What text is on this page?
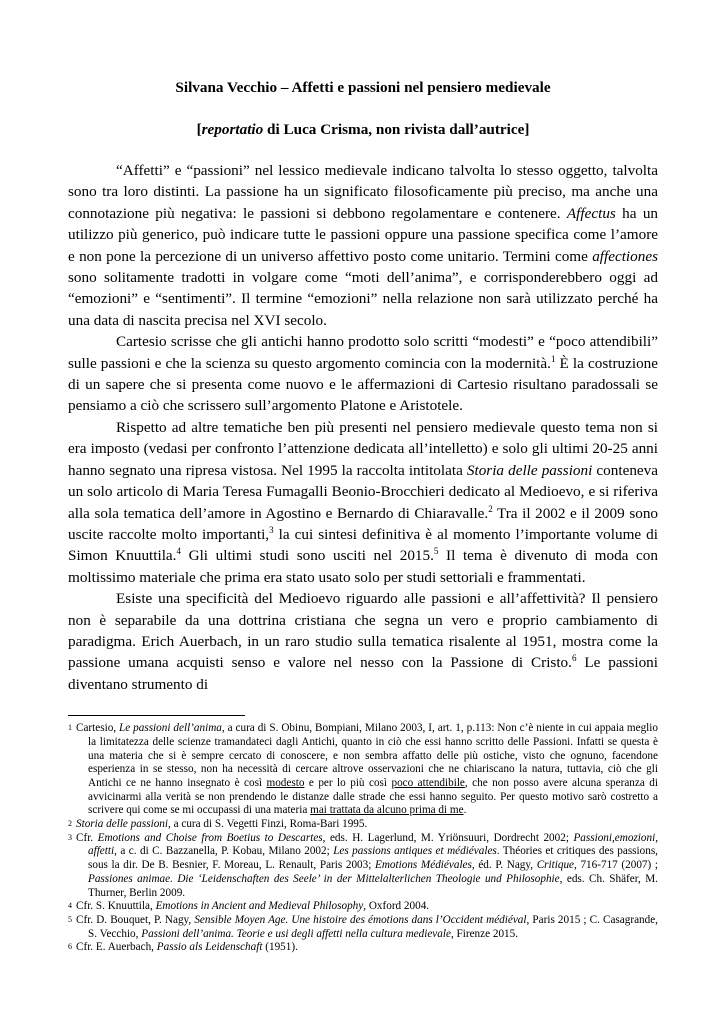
Silvana Vecchio – Affetti e passioni nel pensiero medievale

[reportatio di Luca Crisma, non rivista dall’autrice]

“Affetti” e “passioni” nel lessico medievale indicano talvolta lo stesso oggetto, talvolta sono tra loro distinti. La passione ha un significato filosoficamente più preciso, ma anche una connotazione più negativa: le passioni si debbono regolamentare e contenere. Affectus ha un utilizzo più generico, può indicare tutte le passioni oppure una passione specifica come l’amore e non pone la percezione di un universo affettivo posto come unitario. Termini come affectiones sono solitamente tradotti in volgare come “moti dell’anima”, e corrisponderebbero oggi ad “emozioni” e “sentimenti”. Il termine “emozioni” nella relazione non sarà utilizzato perché ha una data di nascita precisa nel XVI secolo.

Cartesio scrisse che gli antichi hanno prodotto solo scritti “modesti” e “poco attendibili” sulle passioni e che la scienza su questo argomento comincia con la modernità.$^1$ È la costruzione di un sapere che si presenta come nuovo e le affermazioni di Cartesio risultano paradossali se pensiamo a ciò che scrissero sull’argomento Platone e Aristotele.

Rispetto ad altre tematiche ben più presenti nel pensiero medievale questo tema non si era imposto (vedasi per confronto l’attenzione dedicata all’intelletto) e solo gli ultimi 20-25 anni hanno segnato una ripresa vistosa. Nel 1995 la raccolta intitolata Storia delle passioni conteneva un solo articolo di Maria Teresa Fumagalli Beonio-Brocchieri dedicato al Medioevo, e si riferiva alla sola tematica dell’amore in Agostino e Bernardo di Chiaravalle.$^2$ Tra il 2002 e il 2009 sono uscite raccolte molto importanti,$^3$ la cui sintesi definitiva è al momento l’importante volume di Simon Knuuttila.$^4$ Gli ultimi studi sono usciti nel 2015.$^5$ Il tema è divenuto di moda con moltissimo materiale che prima era stato usato solo per studi settoriali e frammentati.

Esiste una specificità del Medioevo riguardo alle passioni e all’affettività? Il pensiero non è separabile da una dottrina cristiana che segna un vero e proprio cambiamento di paradigma. Erich Auerbach, in un raro studio sulla tematica risalente al 1951, mostra come la passione umana acquisti senso e valore nel nesso con la Passione di Cristo.$^6$ Le passioni diventano strumento di

1 Cartesio, Le passioni dell’anima, a cura di S. Obinu, Bompiani, Milano 2003, I, art. 1, p.113: Non c’è niente in cui appaia meglio la limitatezza delle scienze tramandateci dagli Antichi, quanto in ciò che essi hanno scritto delle Passioni. Infatti se questa è una materia che si è sempre cercato di conoscere, e non sembra affatto delle più ostiche, visto che ognuno, facendone esperienza in se stesso, non ha necessità di cercare altrove osservazioni che ne chiariscano la natura, tuttavia, ciò che gli Antichi ce ne hanno insegnato è così modesto e per lo più così poco attendibile, che non posso avere alcuna speranza di avvicinarmi alla verità se non prendendo le distanze dalle strade che essi hanno seguito. Per questo motivo sarò costretto a scrivere qui come se mi occupassi di una materia mai trattata da alcuno prima di me.
2 Storia delle passioni, a cura di S. Vegetti Finzi, Roma-Bari 1995.
3 Cfr. Emotions and Choise from Boetius to Descartes, eds. H. Lagerlund, M. Yriönsuuri, Dordrecht 2002; Passioni,emozioni, affetti, a c. di C. Bazzanella, P. Kobau, Milano 2002; Les passions antiques et médiévales. Théories et critiques des passions, sous la dir. De B. Besnier, F. Moreau, L. Renault, Paris 2003; Emotions Médiévales, éd. P. Nagy, Critique, 716-717 (2007) ; Passiones animae. Die ‘Leidenschaften des Seele’ in der Mittelalterlichen Theologie und Philosophie, eds. Ch. Shäfer, M. Thurner, Berlin 2009.
4 Cfr. S. Knuuttila, Emotions in Ancient and Medieval Philosophy, Oxford 2004.
5 Cfr. D. Bouquet, P. Nagy, Sensible Moyen Age. Une histoire des émotions dans l’Occident médiéval, Paris 2015 ; C. Casagrande, S. Vecchio, Passioni dell’anima. Teorie e usi degli affetti nella cultura medievale, Firenze 2015.
6 Cfr. E. Auerbach, Passio als Leidenschaft (1951).
